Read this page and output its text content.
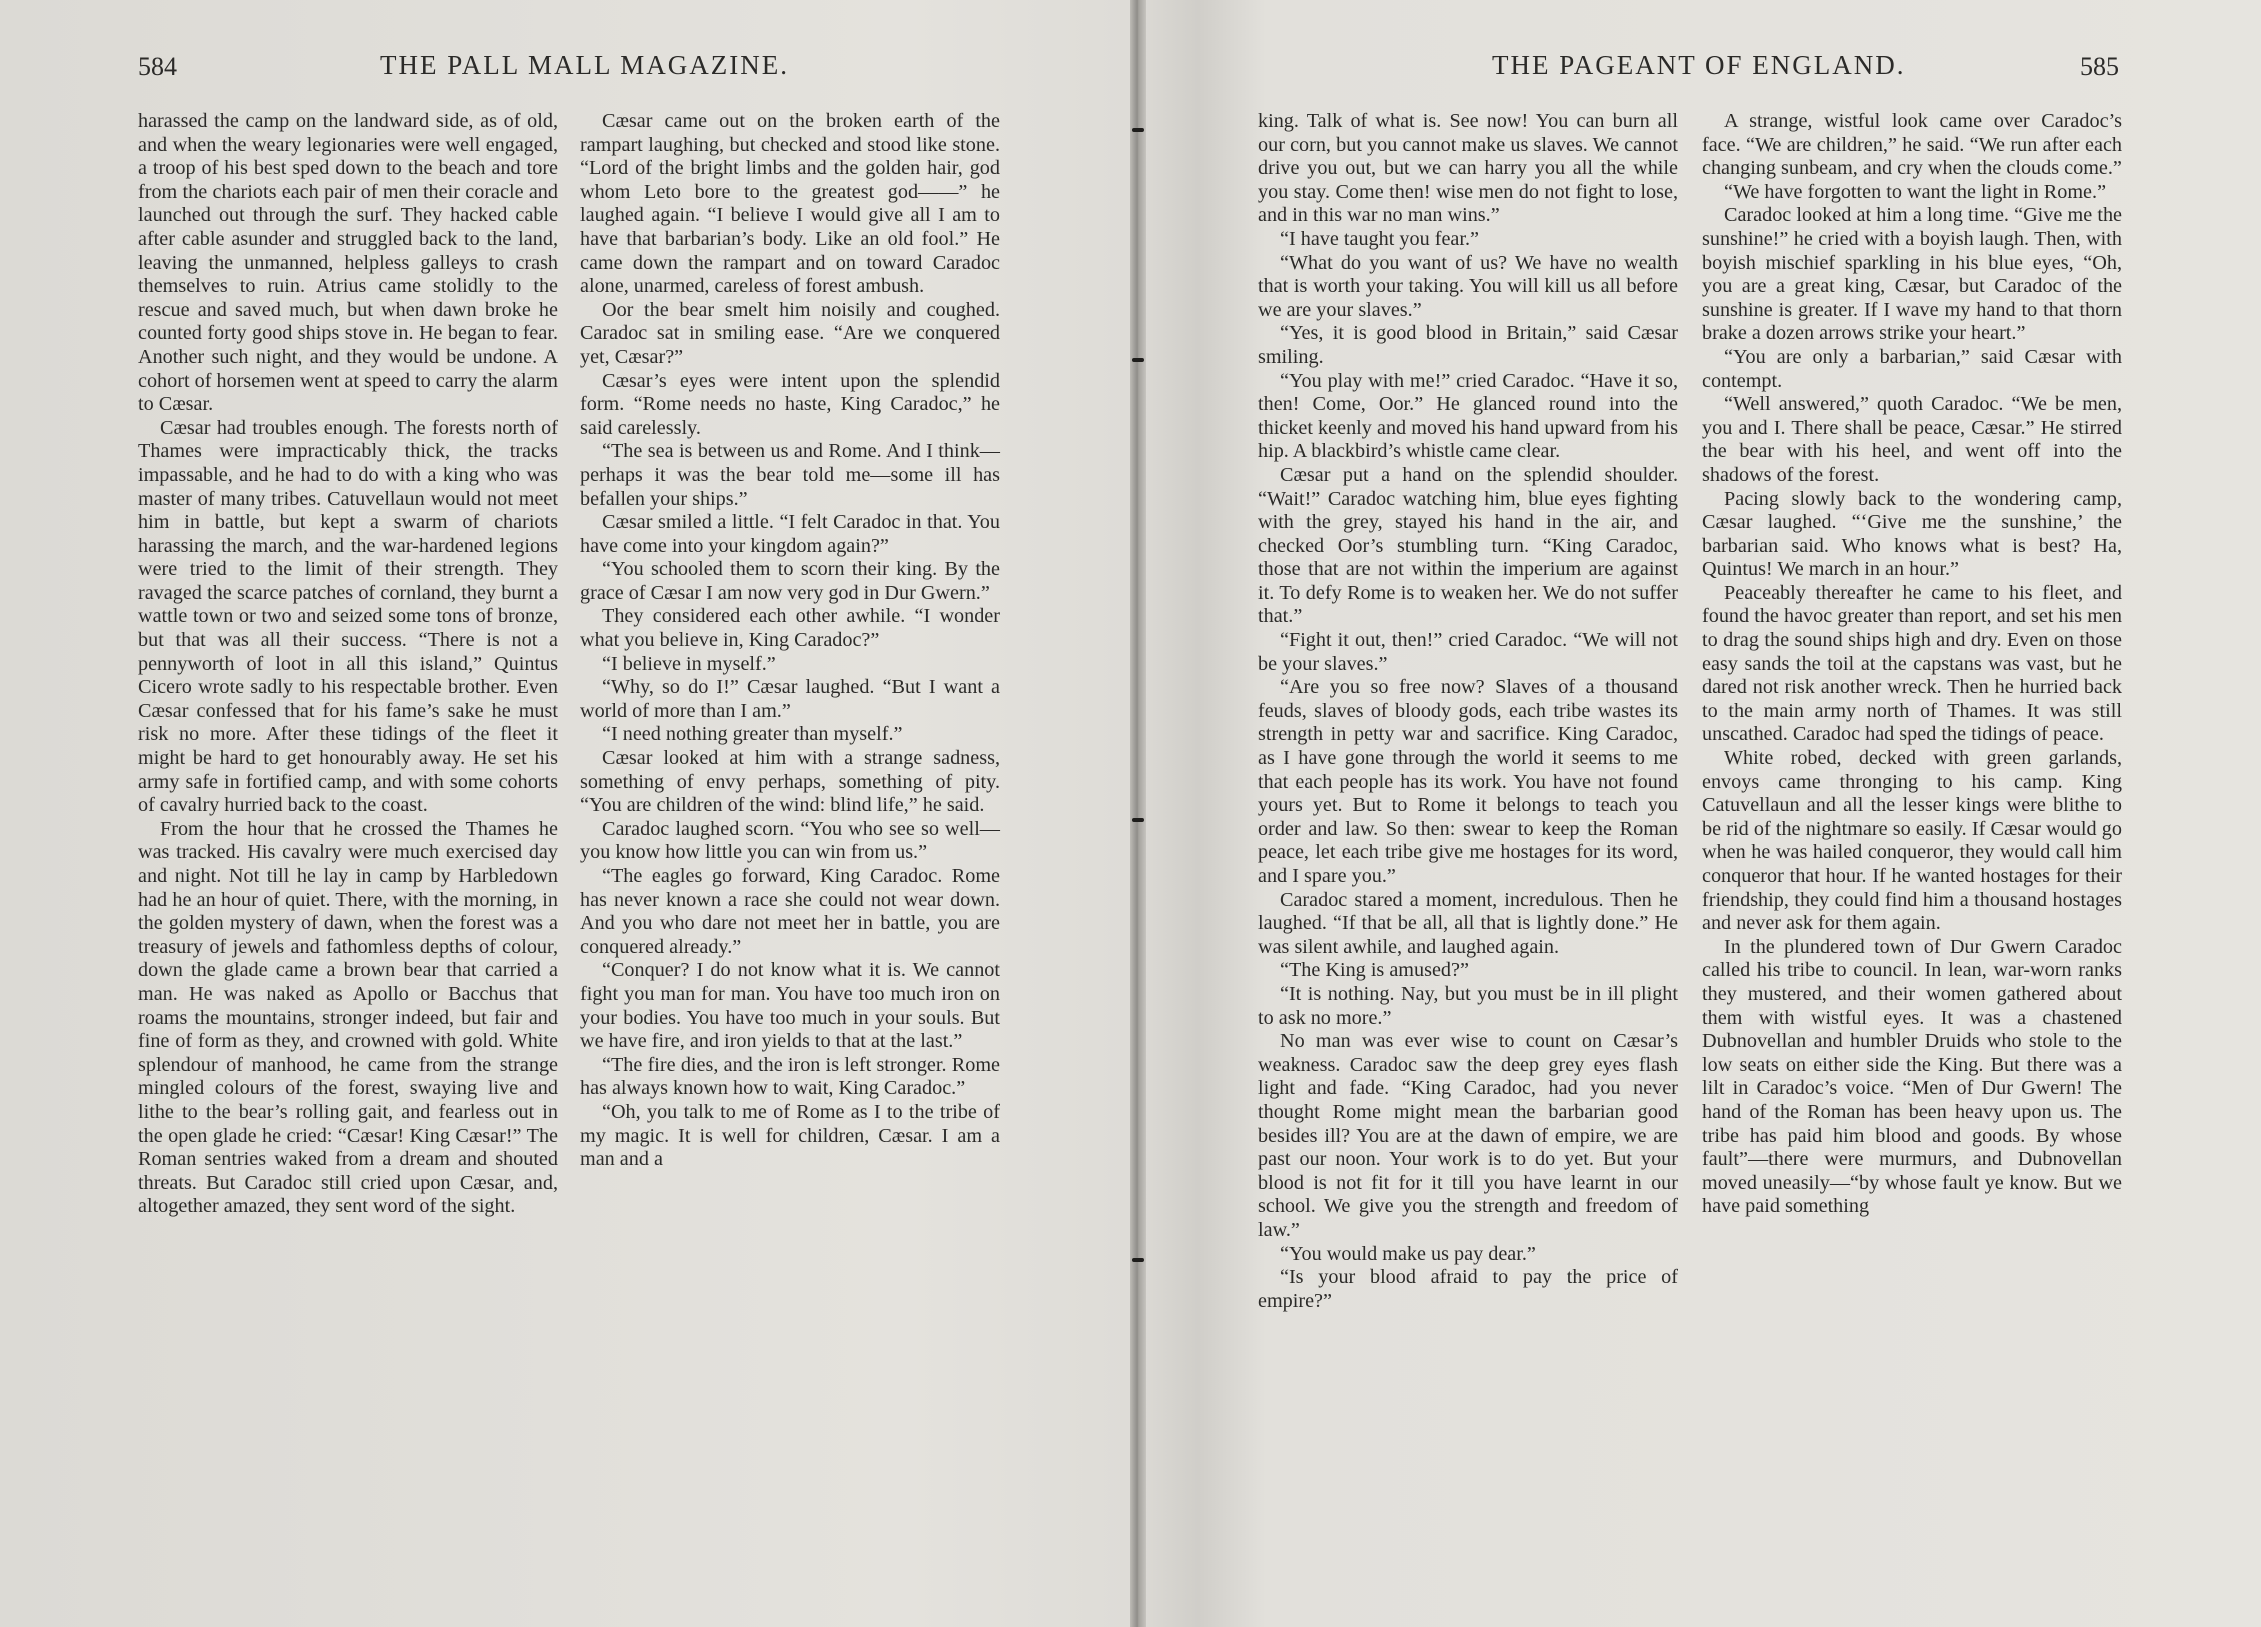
584	THE PALL MALL MAGAZINE.

harassed the camp on the landward side, as of old, and when the weary legionaries were well engaged, a troop of his best sped down to the beach and tore from the chariots each pair of men their coracle and launched out through the surf. They hacked cable after cable asunder and struggled back to the land, leaving the unmanned, helpless galleys to crash themselves to ruin. Atrius came stolidly to the rescue and saved much, but when dawn broke he counted forty good ships stove in. He began to fear. Another such night, and they would be undone. A cohort of horsemen went at speed to carry the alarm to Cæsar.

Cæsar had troubles enough. The forests north of Thames were impracticably thick, the tracks impassable, and he had to do with a king who was master of many tribes. Catuvellaun would not meet him in battle, but kept a swarm of chariots harassing the march, and the war-hardened legions were tried to the limit of their strength. They ravaged the scarce patches of cornland, they burnt a wattle town or two and seized some tons of bronze, but that was all their success. “There is not a pennyworth of loot in all this island,” Quintus Cicero wrote sadly to his respectable brother. Even Cæsar confessed that for his fame’s sake he must risk no more. After these tidings of the fleet it might be hard to get honourably away. He set his army safe in fortified camp, and with some cohorts of cavalry hurried back to the coast.

From the hour that he crossed the Thames he was tracked. His cavalry were much exercised day and night. Not till he lay in camp by Harbledown had he an hour of quiet. There, with the morning, in the golden mystery of dawn, when the forest was a treasury of jewels and fathomless depths of colour, down the glade came a brown bear that carried a man. He was naked as Apollo or Bacchus that roams the mountains, stronger indeed, but fair and fine of form as they, and crowned with gold. White splendour of manhood, he came from the strange mingled colours of the forest, swaying live and lithe to the bear’s rolling gait, and fearless out in the open glade he cried: “Cæsar! King Cæsar!” The Roman sentries waked from a dream and shouted threats. But Caradoc still cried upon Cæsar, and, altogether amazed, they sent word of the sight.

Cæsar came out on the broken earth of the rampart laughing, but checked and stood like stone. “Lord of the bright limbs and the golden hair, god whom Leto bore to the greatest god——” he laughed again. “I believe I would give all I am to have that barbarian’s body. Like an old fool.” He came down the rampart and on toward Caradoc alone, unarmed, careless of forest ambush.

Oor the bear smelt him noisily and coughed. Caradoc sat in smiling ease. “Are we conquered yet, Cæsar?”

Cæsar’s eyes were intent upon the splendid form. “Rome needs no haste, King Caradoc,” he said carelessly.

“The sea is between us and Rome. And I think—perhaps it was the bear told me—some ill has befallen your ships.”

Cæsar smiled a little. “I felt Caradoc in that. You have come into your kingdom again?”

“You schooled them to scorn their king. By the grace of Cæsar I am now very god in Dur Gwern.”

They considered each other awhile. “I wonder what you believe in, King Caradoc?”

“I believe in myself.”

“Why, so do I!” Cæsar laughed. “But I want a world of more than I am.”

“I need nothing greater than myself.”

Cæsar looked at him with a strange sadness, something of envy perhaps, something of pity. “You are children of the wind: blind life,” he said.

Caradoc laughed scorn. “You who see so well—you know how little you can win from us.”

“The eagles go forward, King Caradoc. Rome has never known a race she could not wear down. And you who dare not meet her in battle, you are conquered already.”

“Conquer? I do not know what it is. We cannot fight you man for man. You have too much iron on your bodies. You have too much in your souls. But we have fire, and iron yields to that at the last.”

“The fire dies, and the iron is left stronger. Rome has always known how to wait, King Caradoc.”

“Oh, you talk to me of Rome as I to the tribe of my magic. It is well for children, Cæsar. I am a man and a

THE PAGEANT OF ENGLAND.	585

king. Talk of what is. See now! You can burn all our corn, but you cannot make us slaves. We cannot drive you out, but we can harry you all the while you stay. Come then! wise men do not fight to lose, and in this war no man wins.”

“I have taught you fear.”

“What do you want of us? We have no wealth that is worth your taking. You will kill us all before we are your slaves.”

“Yes, it is good blood in Britain,” said Cæsar smiling.

“You play with me!” cried Caradoc. “Have it so, then! Come, Oor.” He glanced round into the thicket keenly and moved his hand upward from his hip. A blackbird’s whistle came clear.

Cæsar put a hand on the splendid shoulder. “Wait!” Caradoc watching him, blue eyes fighting with the grey, stayed his hand in the air, and checked Oor’s stumbling turn. “King Caradoc, those that are not within the imperium are against it. To defy Rome is to weaken her. We do not suffer that.”

“Fight it out, then!” cried Caradoc. “We will not be your slaves.”

“Are you so free now? Slaves of a thousand feuds, slaves of bloody gods, each tribe wastes its strength in petty war and sacrifice. King Caradoc, as I have gone through the world it seems to me that each people has its work. You have not found yours yet. But to Rome it belongs to teach you order and law. So then: swear to keep the Roman peace, let each tribe give me hostages for its word, and I spare you.”

Caradoc stared a moment, incredulous. Then he laughed. “If that be all, all that is lightly done.” He was silent awhile, and laughed again.

“The King is amused?”

“It is nothing. Nay, but you must be in ill plight to ask no more.”

No man was ever wise to count on Cæsar’s weakness. Caradoc saw the deep grey eyes flash light and fade. “King Caradoc, had you never thought Rome might mean the barbarian good besides ill? You are at the dawn of empire, we are past our noon. Your work is to do yet. But your blood is not fit for it till you have learnt in our school. We give you the strength and freedom of law.”

“You would make us pay dear.”

“Is your blood afraid to pay the price of empire?”

A strange, wistful look came over Caradoc’s face. “We are children,” he said. “We run after each changing sunbeam, and cry when the clouds come.”

“We have forgotten to want the light in Rome.”

Caradoc looked at him a long time. “Give me the sunshine!” he cried with a boyish laugh. Then, with boyish mischief sparkling in his blue eyes, “Oh, you are a great king, Cæsar, but Caradoc of the sunshine is greater. If I wave my hand to that thorn brake a dozen arrows strike your heart.”

“You are only a barbarian,” said Cæsar with contempt.

“Well answered,” quoth Caradoc. “We be men, you and I. There shall be peace, Cæsar.” He stirred the bear with his heel, and went off into the shadows of the forest.

Pacing slowly back to the wondering camp, Cæsar laughed. “‘Give me the sunshine,’ the barbarian said. Who knows what is best? Ha, Quintus! We march in an hour.”

Peaceably thereafter he came to his fleet, and found the havoc greater than report, and set his men to drag the sound ships high and dry. Even on those easy sands the toil at the capstans was vast, but he dared not risk another wreck. Then he hurried back to the main army north of Thames. It was still unscathed. Caradoc had sped the tidings of peace.

White robed, decked with green garlands, envoys came thronging to his camp. King Catuvellaun and all the lesser kings were blithe to be rid of the nightmare so easily. If Cæsar would go when he was hailed conqueror, they would call him conqueror that hour. If he wanted hostages for their friendship, they could find him a thousand hostages and never ask for them again.

In the plundered town of Dur Gwern Caradoc called his tribe to council. In lean, war-worn ranks they mustered, and their women gathered about them with wistful eyes. It was a chastened Dubnovellan and humbler Druids who stole to the low seats on either side the King. But there was a lilt in Caradoc’s voice. “Men of Dur Gwern! The hand of the Roman has been heavy upon us. The tribe has paid him blood and goods. By whose fault”—there were murmurs, and Dubnovellan moved uneasily—“by whose fault ye know. But we have paid something
